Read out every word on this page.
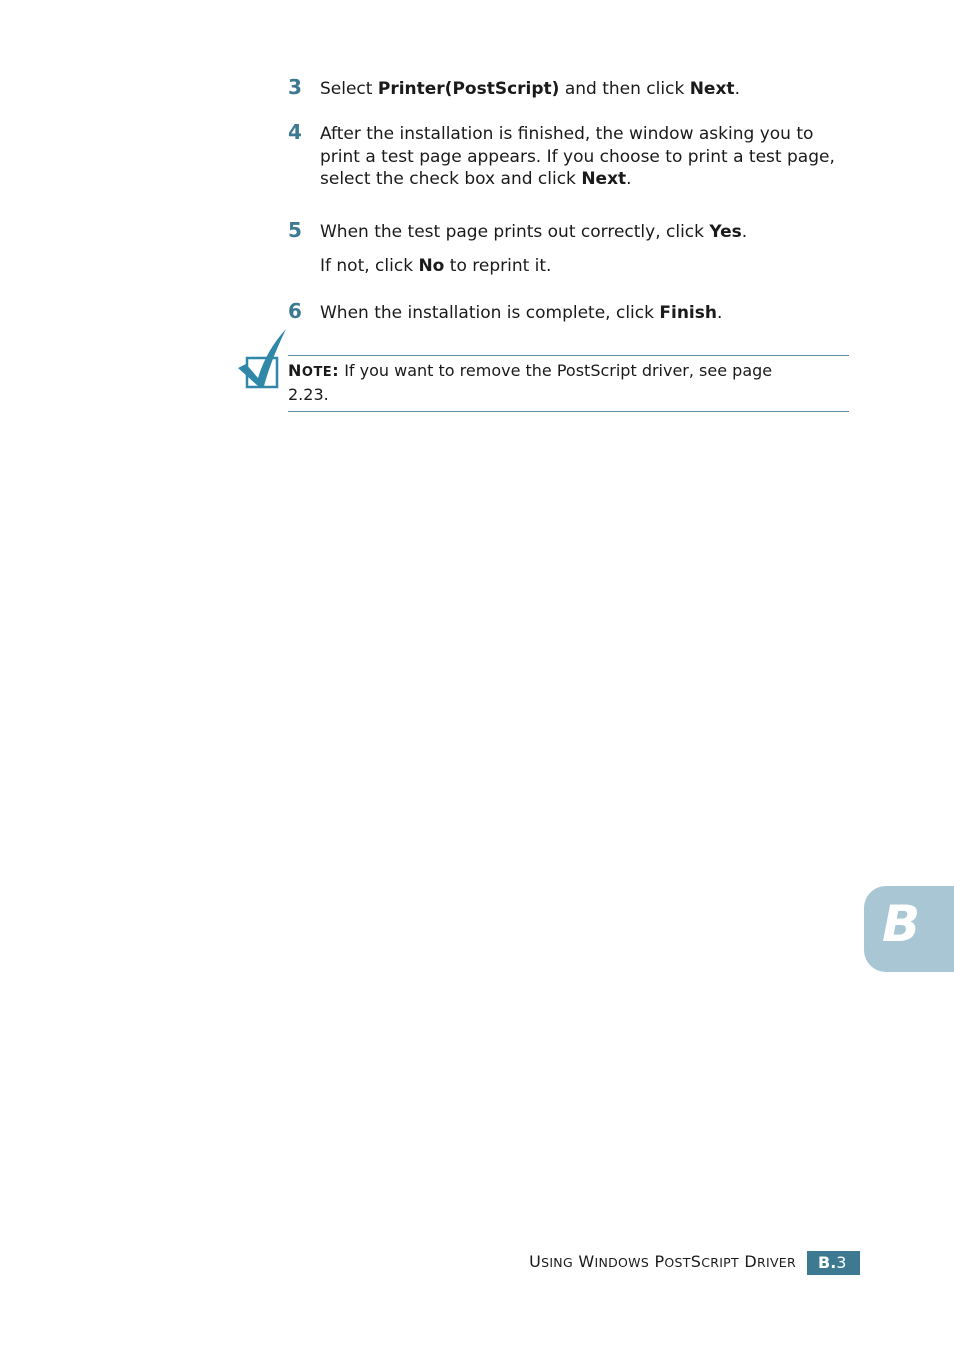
3 Select Printer(PostScript) and then click Next.
4 After the installation is finished, the window asking you to print a test page appears. If you choose to print a test page, select the check box and click Next.
5 When the test page prints out correctly, click Yes.
If not, click No to reprint it.
6 When the installation is complete, click Finish.
NOTE: If you want to remove the PostScript driver, see page 2.23.
B
USING WINDOWS POSTSCRIPT DRIVER	B.3
